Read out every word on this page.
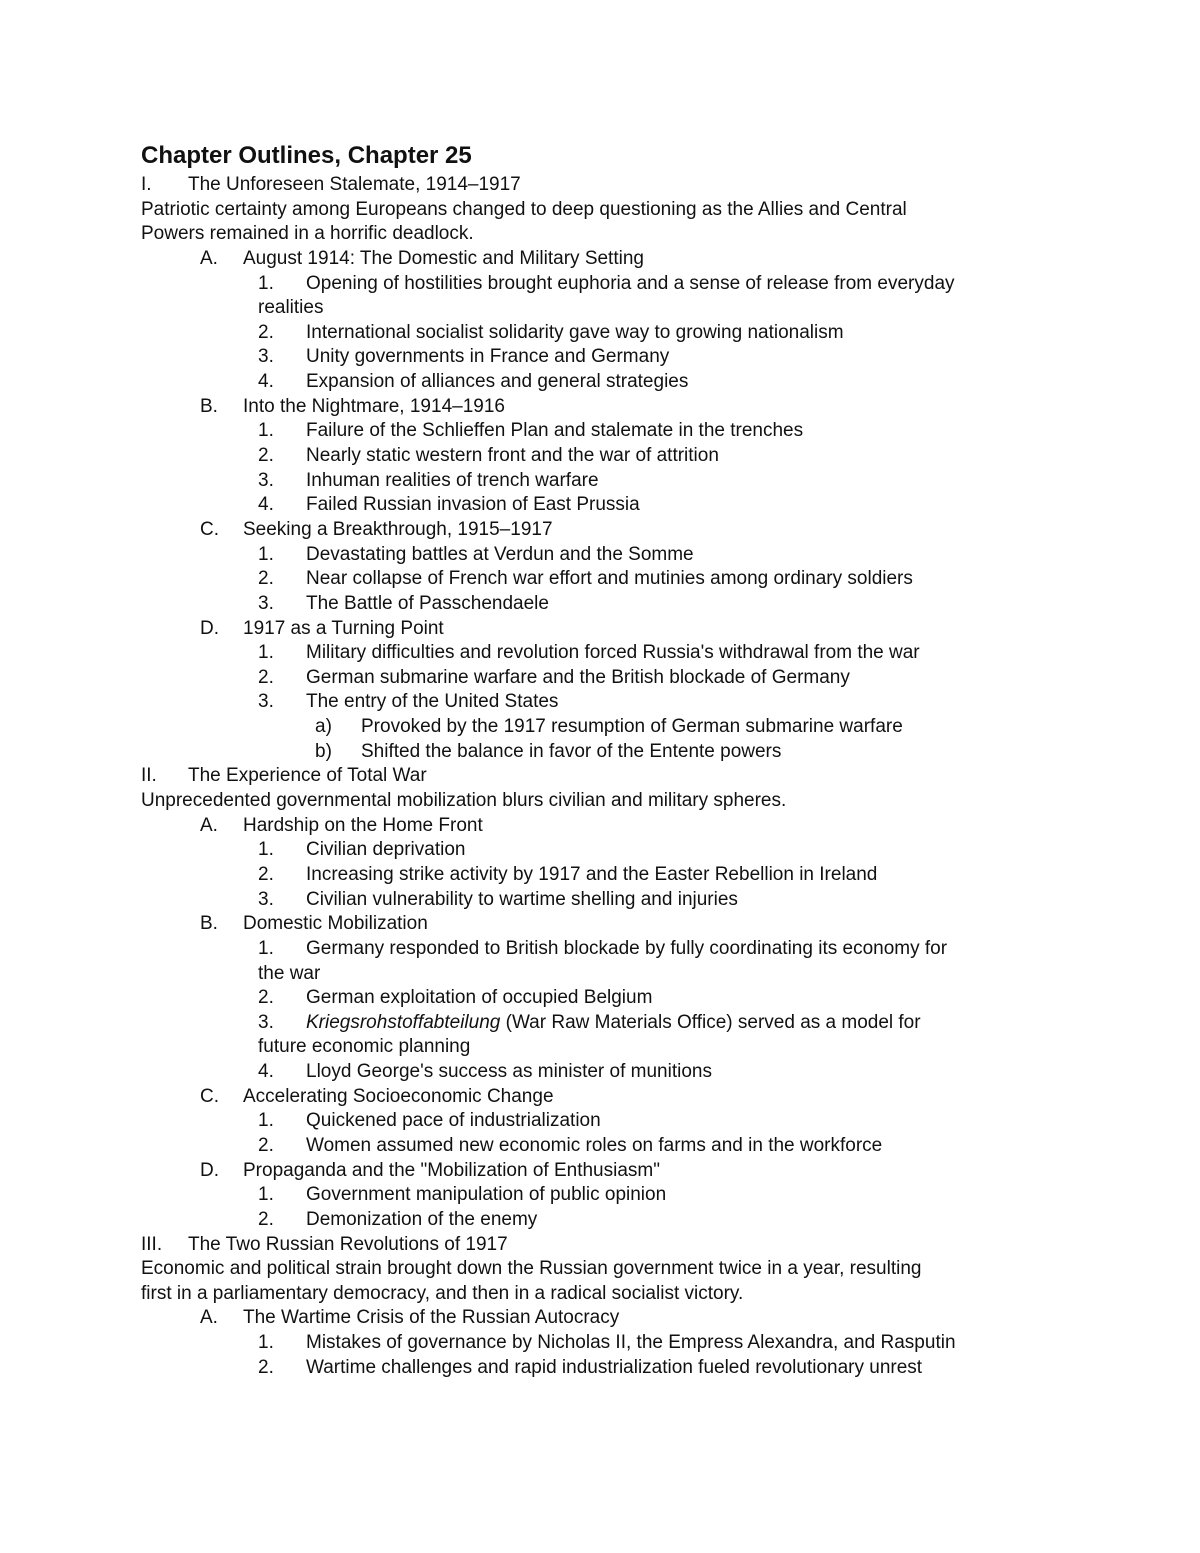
Chapter Outlines, Chapter 25
I. The Unforeseen Stalemate, 1914–1917
Patriotic certainty among Europeans changed to deep questioning as the Allies and Central
Powers remained in a horrific deadlock.
A. August 1914: The Domestic and Military Setting
1. Opening of hostilities brought euphoria and a sense of release from everyday
realities
2. International socialist solidarity gave way to growing nationalism
3. Unity governments in France and Germany
4. Expansion of alliances and general strategies
B. Into the Nightmare, 1914–1916
1. Failure of the Schlieffen Plan and stalemate in the trenches
2. Nearly static western front and the war of attrition
3. Inhuman realities of trench warfare
4. Failed Russian invasion of East Prussia
C. Seeking a Breakthrough, 1915–1917
1. Devastating battles at Verdun and the Somme
2. Near collapse of French war effort and mutinies among ordinary soldiers
3. The Battle of Passchendaele
D. 1917 as a Turning Point
1. Military difficulties and revolution forced Russia's withdrawal from the war
2. German submarine warfare and the British blockade of Germany
3. The entry of the United States
a) Provoked by the 1917 resumption of German submarine warfare
b) Shifted the balance in favor of the Entente powers
II. The Experience of Total War
Unprecedented governmental mobilization blurs civilian and military spheres.
A. Hardship on the Home Front
1. Civilian deprivation
2. Increasing strike activity by 1917 and the Easter Rebellion in Ireland
3. Civilian vulnerability to wartime shelling and injuries
B. Domestic Mobilization
1. Germany responded to British blockade by fully coordinating its economy for
the war
2. German exploitation of occupied Belgium
3. Kriegsrohstoffabteilung (War Raw Materials Office) served as a model for
future economic planning
4. Lloyd George's success as minister of munitions
C. Accelerating Socioeconomic Change
1. Quickened pace of industrialization
2. Women assumed new economic roles on farms and in the workforce
D. Propaganda and the "Mobilization of Enthusiasm"
1. Government manipulation of public opinion
2. Demonization of the enemy
III. The Two Russian Revolutions of 1917
Economic and political strain brought down the Russian government twice in a year, resulting
first in a parliamentary democracy, and then in a radical socialist victory.
A. The Wartime Crisis of the Russian Autocracy
1. Mistakes of governance by Nicholas II, the Empress Alexandra, and Rasputin
2. Wartime challenges and rapid industrialization fueled revolutionary unrest
